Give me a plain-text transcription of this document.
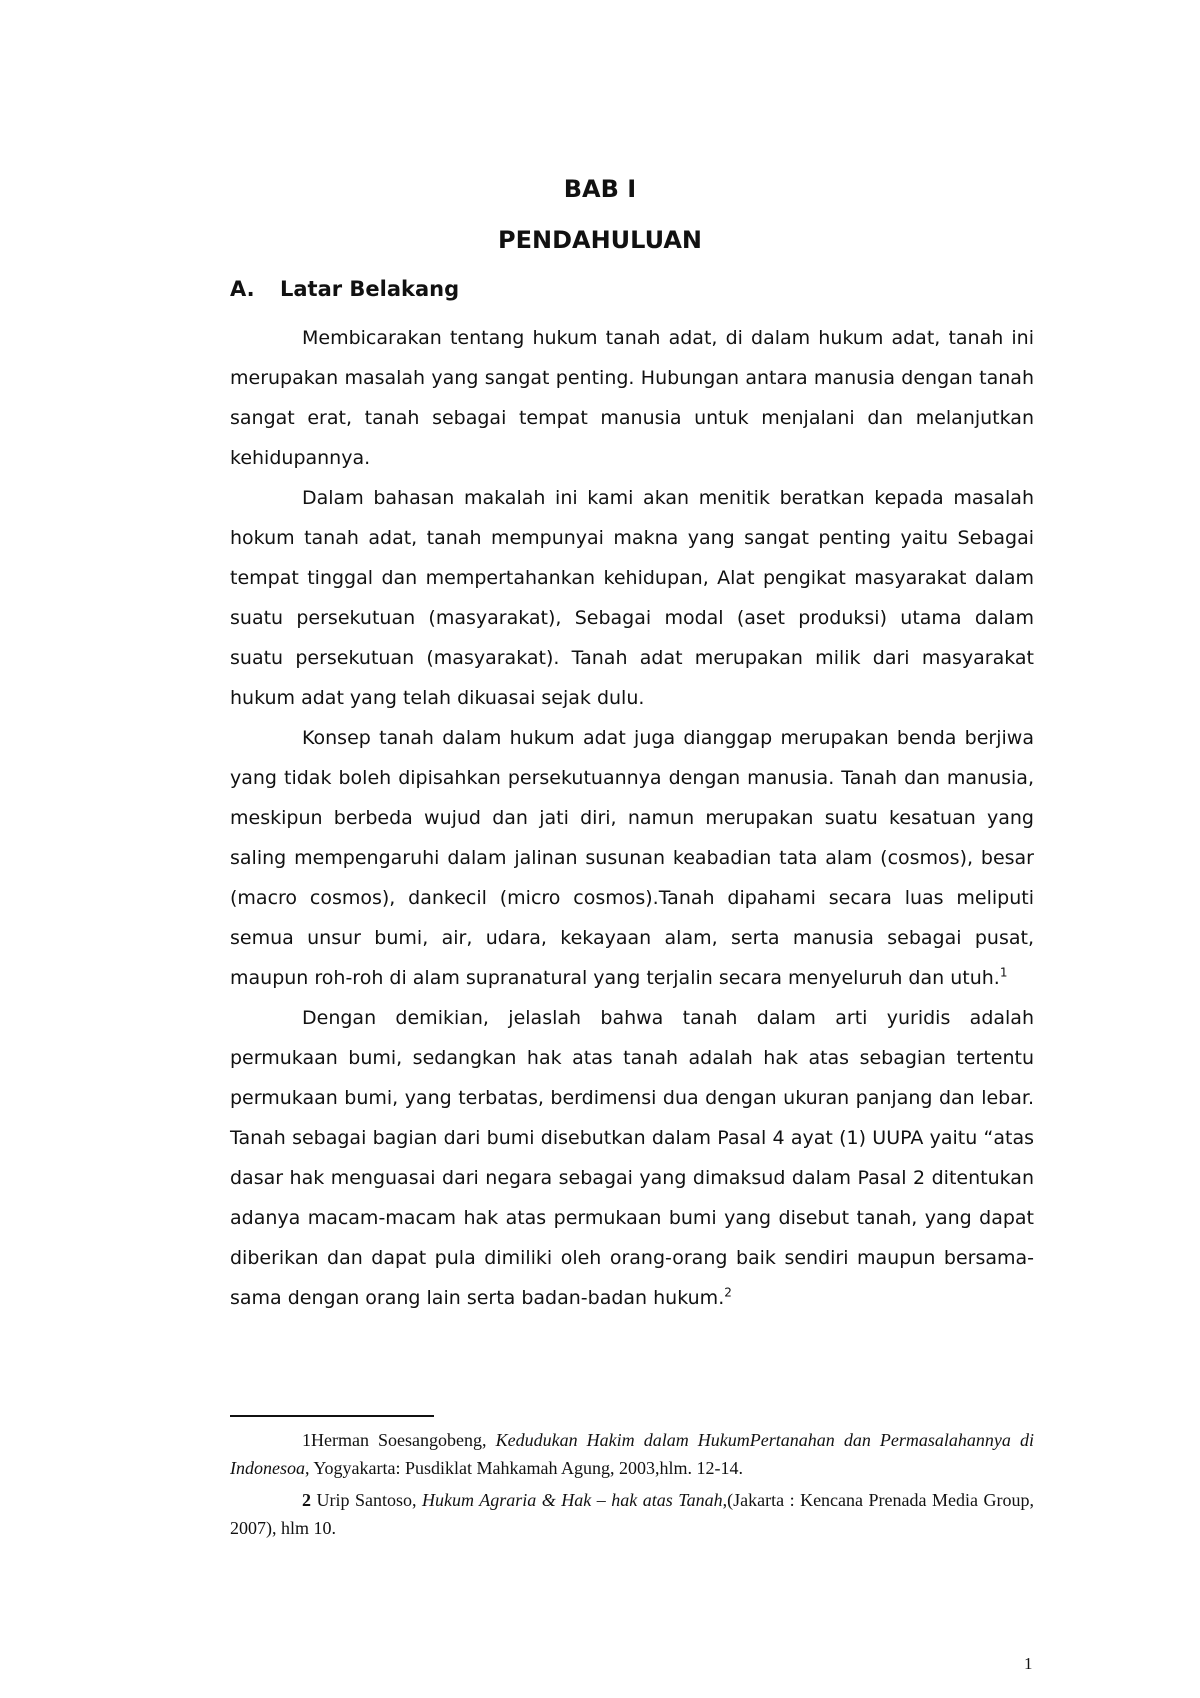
BAB I
PENDAHULUAN
A. Latar Belakang

Membicarakan tentang hukum tanah adat, di dalam hukum adat, tanah ini merupakan masalah yang sangat penting. Hubungan antara manusia dengan tanah sangat erat, tanah sebagai tempat manusia untuk menjalani dan melanjutkan kehidupannya.

Dalam bahasan makalah ini kami akan menitik beratkan kepada masalah hokum tanah adat, tanah mempunyai makna yang sangat penting yaitu Sebagai tempat tinggal dan mempertahankan kehidupan, Alat pengikat masyarakat dalam suatu persekutuan (masyarakat), Sebagai modal (aset produksi) utama dalam suatu persekutuan (masyarakat). Tanah adat merupakan milik dari masyarakat hukum adat yang telah dikuasai sejak dulu.

Konsep tanah dalam hukum adat juga dianggap merupakan benda berjiwa yang tidak boleh dipisahkan persekutuannya dengan manusia. Tanah dan manusia, meskipun berbeda wujud dan jati diri, namun merupakan suatu kesatuan yang saling mempengaruhi dalam jalinan susunan keabadian tata alam (cosmos), besar (macro cosmos), dankecil (micro cosmos).Tanah dipahami secara luas meliputi semua unsur bumi, air, udara, kekayaan alam, serta manusia sebagai pusat, maupun roh-roh di alam supranatural yang terjalin secara menyeluruh dan utuh.$^1$

Dengan demikian, jelaslah bahwa tanah dalam arti yuridis adalah permukaan bumi, sedangkan hak atas tanah adalah hak atas sebagian tertentu permukaan bumi, yang terbatas, berdimensi dua dengan ukuran panjang dan lebar. Tanah sebagai bagian dari bumi disebutkan dalam Pasal 4 ayat (1) UUPA yaitu “atas dasar hak menguasai dari negara sebagai yang dimaksud dalam Pasal 2 ditentukan adanya macam-macam hak atas permukaan bumi yang disebut tanah, yang dapat diberikan dan dapat pula dimiliki oleh orang-orang baik sendiri maupun bersama-sama dengan orang lain serta badan-badan hukum.$^2$

1Herman Soesangobeng, Kedudukan Hakim dalam HukumPertanahan dan Permasalahannya di Indonesoa, Yogyakarta: Pusdiklat Mahkamah Agung, 2003,hlm. 12-14.

2 Urip Santoso, Hukum Agraria & Hak – hak atas Tanah,(Jakarta : Kencana Prenada Media Group, 2007), hlm 10.

1
